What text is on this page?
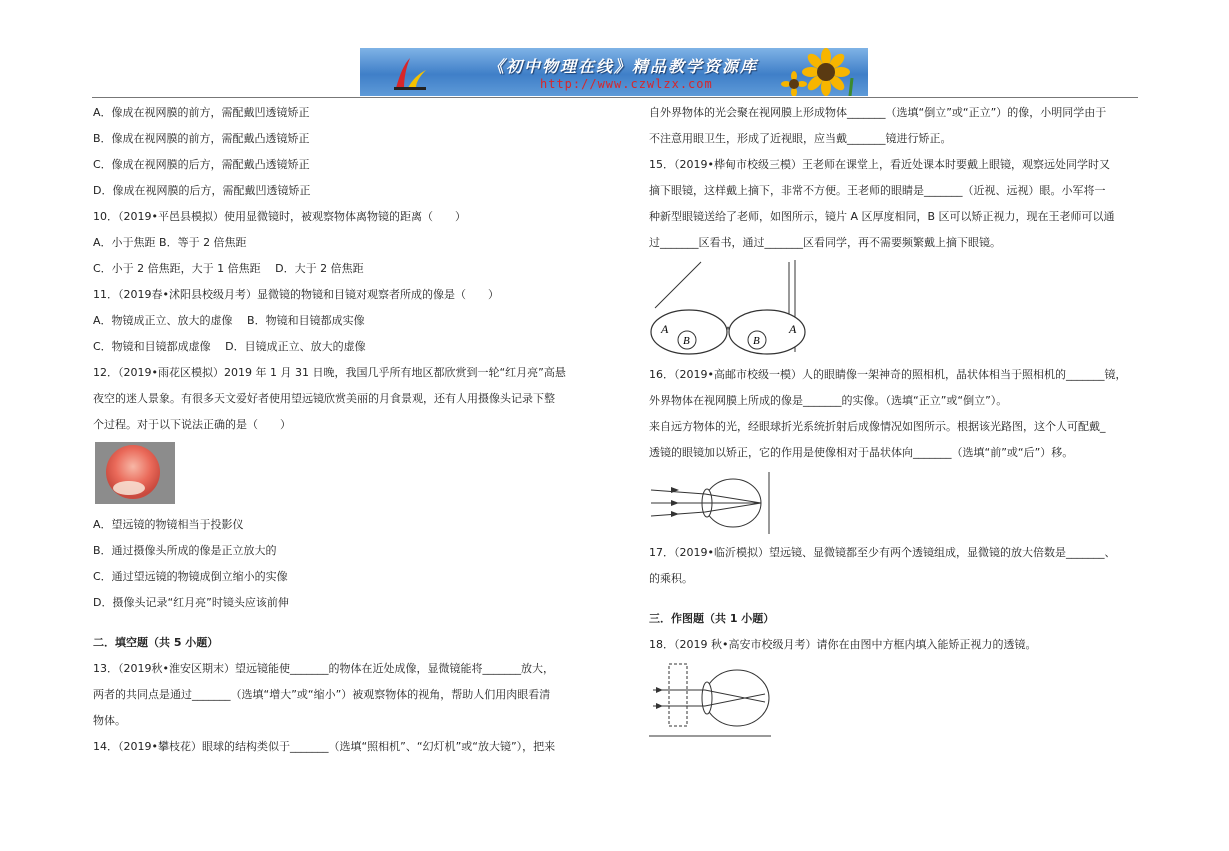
《初中物理在线》精品教学资源库
http://www.czwlzx.com
A．像成在视网膜的前方，需配戴凹透镜矫正
B．像成在视网膜的前方，需配戴凸透镜矫正
C．像成在视网膜的后方，需配戴凸透镜矫正
D．像成在视网膜的后方，需配戴凹透镜矫正
10．（2019•平邑县模拟）使用显微镜时，被观察物体离物镜的距离（　　）
A．小于焦距 B．等于 2 倍焦距
C．小于 2 倍焦距，大于 1 倍焦距　 D．大于 2 倍焦距
11．（2019春•沭阳县校级月考）显微镜的物镜和目镜对观察者所成的像是（　　）
A．物镜成正立、放大的虚像　 B．物镜和目镜都成实像
C．物镜和目镜都成虚像　 D．目镜成正立、放大的虚像
12．（2019•雨花区模拟）2019 年 1 月 31 日晚，我国几乎所有地区都欣赏到一轮“红月亮”高悬
夜空的迷人景象。有很多天文爱好者使用望远镜欣赏美丽的月食景观，还有人用摄像头记录下整
个过程。对于以下说法正确的是（　　）
A．望远镜的物镜相当于投影仪
B．通过摄像头所成的像是正立放大的
C．通过望远镜的物镜成倒立缩小的实像
D．摄像头记录“红月亮”时镜头应该前伸
二．填空题（共 5 小题）
13．（2019秋•淮安区期末）望远镜能使_______的物体在近处成像，显微镜能将_______放大，
两者的共同点是通过_______（选填“增大”或“缩小”）被观察物体的视角，帮助人们用肉眼看清
物体。
14．（2019•攀枝花）眼球的结构类似于_______（选填“照相机”、“幻灯机”或“放大镜”），把来
自外界物体的光会聚在视网膜上形成物体_______（选填“倒立”或“正立”）的像，小明同学由于
不注意用眼卫生，形成了近视眼，应当戴_______镜进行矫正。
15．（2019•桦甸市校级三模）王老师在课堂上，看近处课本时要戴上眼镜，观察远处同学时又
摘下眼镜，这样戴上摘下，非常不方便。王老师的眼睛是_______（近视、远视）眼。小军将一
种新型眼镜送给了老师，如图所示，镜片 A 区厚度相同，B 区可以矫正视力，现在王老师可以通
过_______区看书，通过_______区看同学，再不需要频繁戴上摘下眼镜。
A
B	B
A
16．（2019•高邮市校级一模）人的眼睛像一架神奇的照相机，晶状体相当于照相机的_______镜，
外界物体在视网膜上所成的像是_______的实像。（选填“正立”或“倒立”）。
来自远方物体的光，经眼球折光系统折射后成像情况如图所示。根据该光路图，这个人可配戴_
透镜的眼镜加以矫正，它的作用是使像相对于晶状体向_______（选填“前”或“后”）移。
17．（2019•临沂模拟）望远镜、显微镜都至少有两个透镜组成，显微镜的放大倍数是_______、
的乘积。
三．作图题（共 1 小题）
18．（2019 秋•高安市校级月考）请你在由图中方框内填入能矫正视力的透镜。
